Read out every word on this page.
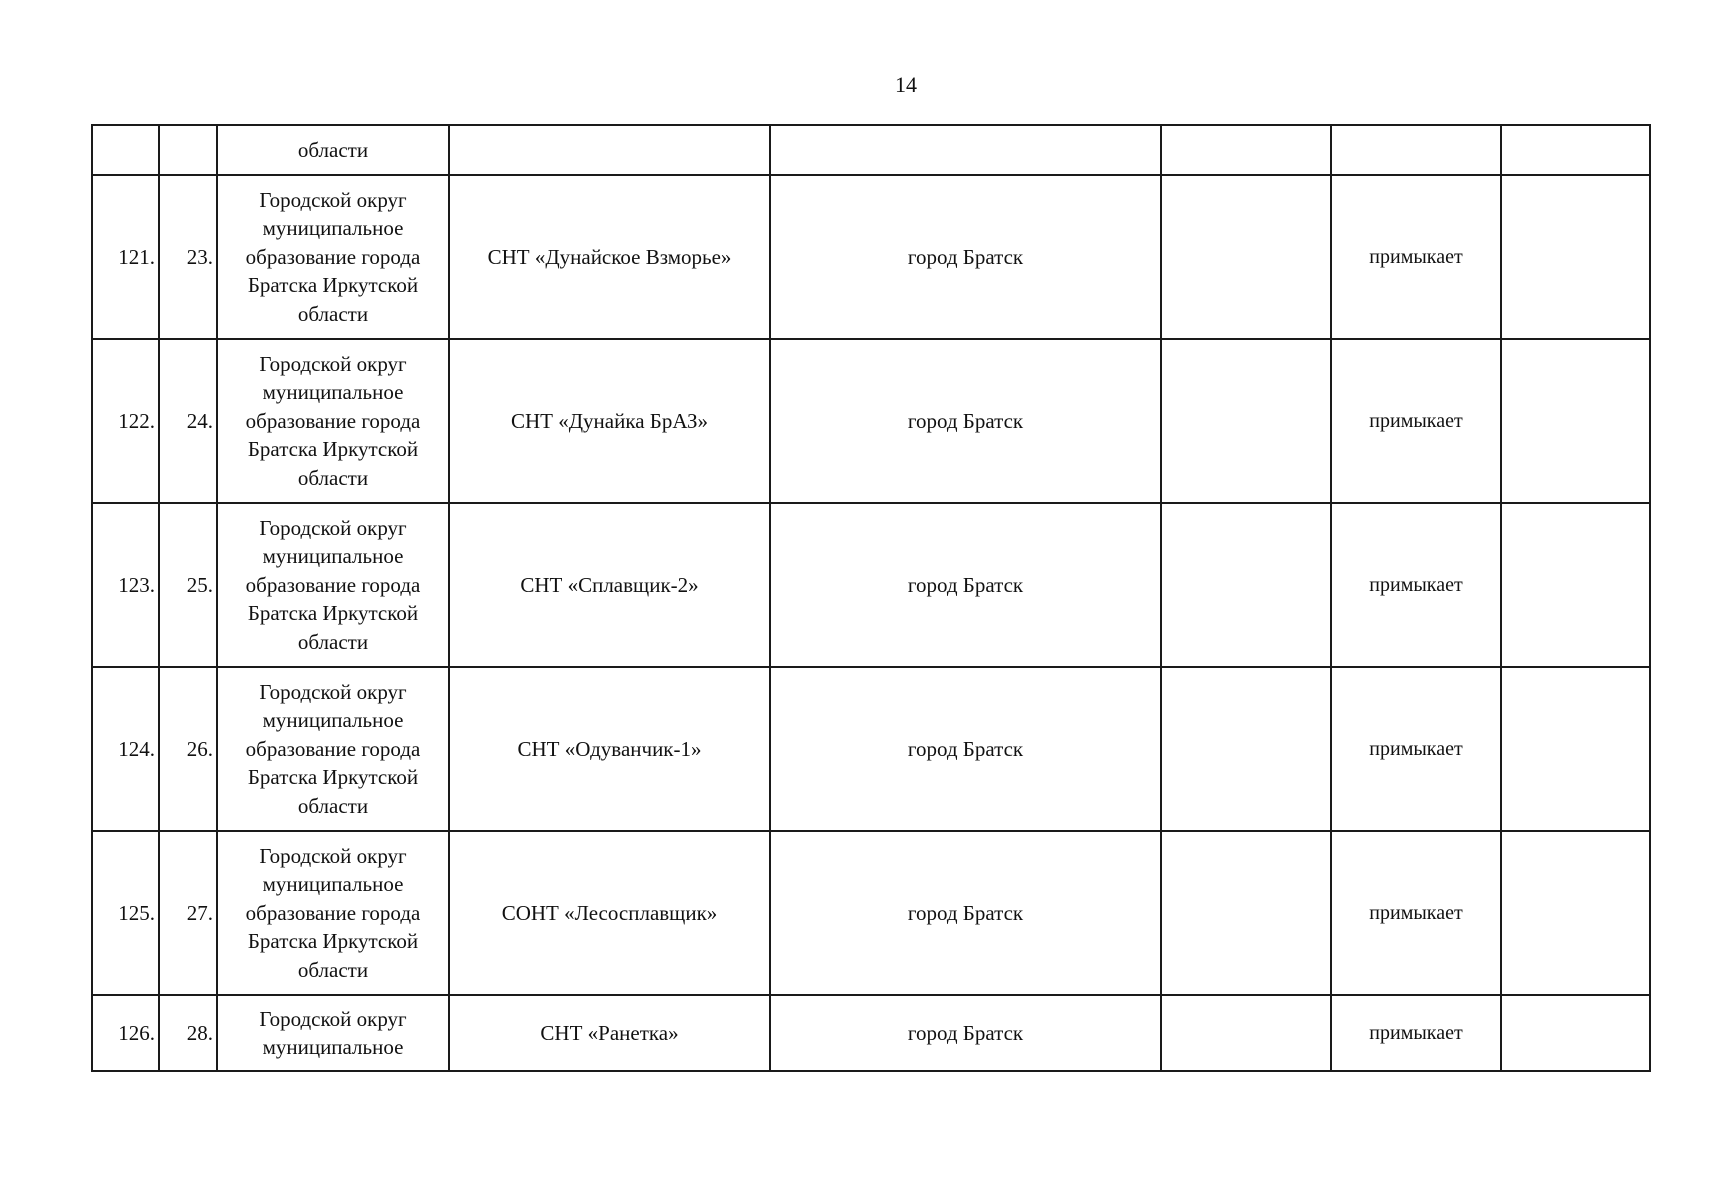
14
		области					
121.	23.	Городской округ муниципальное образование города Братска Иркутской области	СНТ «Дунайское Взморье»	город Братск		примыкает	
122.	24.	Городской округ муниципальное образование города Братска Иркутской области	СНТ «Дунайка БрАЗ»	город Братск		примыкает	
123.	25.	Городской округ муниципальное образование города Братска Иркутской области	СНТ «Сплавщик-2»	город Братск		примыкает	
124.	26.	Городской округ муниципальное образование города Братска Иркутской области	СНТ «Одуванчик-1»	город Братск		примыкает	
125.	27.	Городской округ муниципальное образование города Братска Иркутской области	СОНТ «Лесосплавщик»	город Братск		примыкает	
126.	28.	Городской округ муниципальное	СНТ «Ранетка»	город Братск		примыкает	
